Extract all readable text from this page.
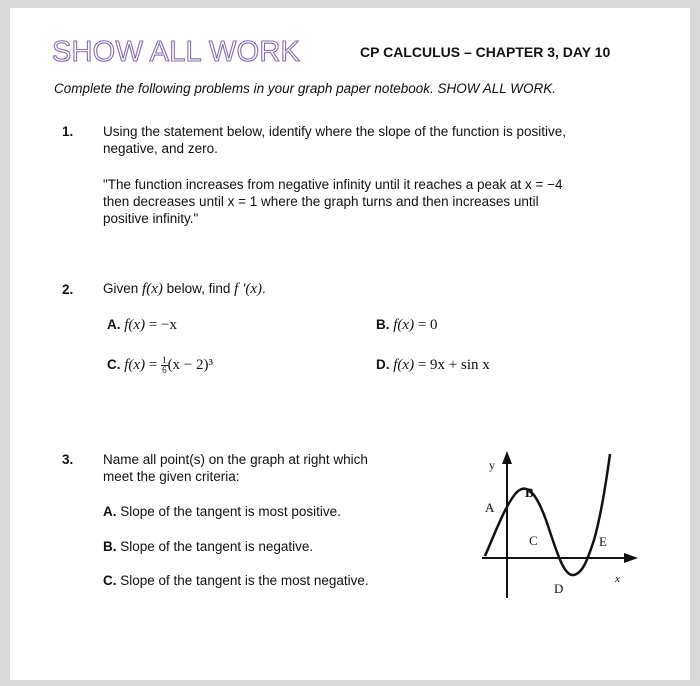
SHOW ALL WORK	CP CALCULUS – CHAPTER 3, DAY 10
Complete the following problems in your graph paper notebook. SHOW ALL WORK.
1. Using the statement below, identify where the slope of the function is positive,
negative, and zero.
"The function increases from negative infinity until it reaches a peak at x = −4
then decreases until x = 1 where the graph turns and then increases until
positive infinity."
2. Given f(x) below, find f ′(x).
A. f(x) = −x	B. f(x) = 0
C. $f(x) = \frac{1}{6} (x - 2)^3$	D. f(x) = 9x + sin x
3. Name all point(s) on the graph at right which
meet the given criteria:
A. Slope of the tangent is most positive.
B. Slope of the tangent is negative.
C. Slope of the tangent is the most negative.
y
x
A
B
C
D
E
